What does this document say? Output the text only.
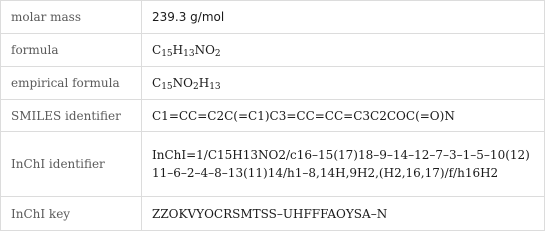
molar mass	239.3 g/mol
formula	$C_{15}H_{13}NO_2$
empirical formula	$C_{15}NO_2H_{13}$
SMILES identifier	C1=CC=C2C(=C1)C3=CC=CC=C3C2COC(=O)N
InChI identifier	InChI=1/C15H13NO2/c16–15(17)18–9–14–12–7–3–1–5–10(12)11–6–2–4–8–13(11)14/h1–8,14H,9H2,(H2,16,17)/f/h16H2
InChI key	ZZOKVYOCRSMTSS–UHFFFAOYSA–N
